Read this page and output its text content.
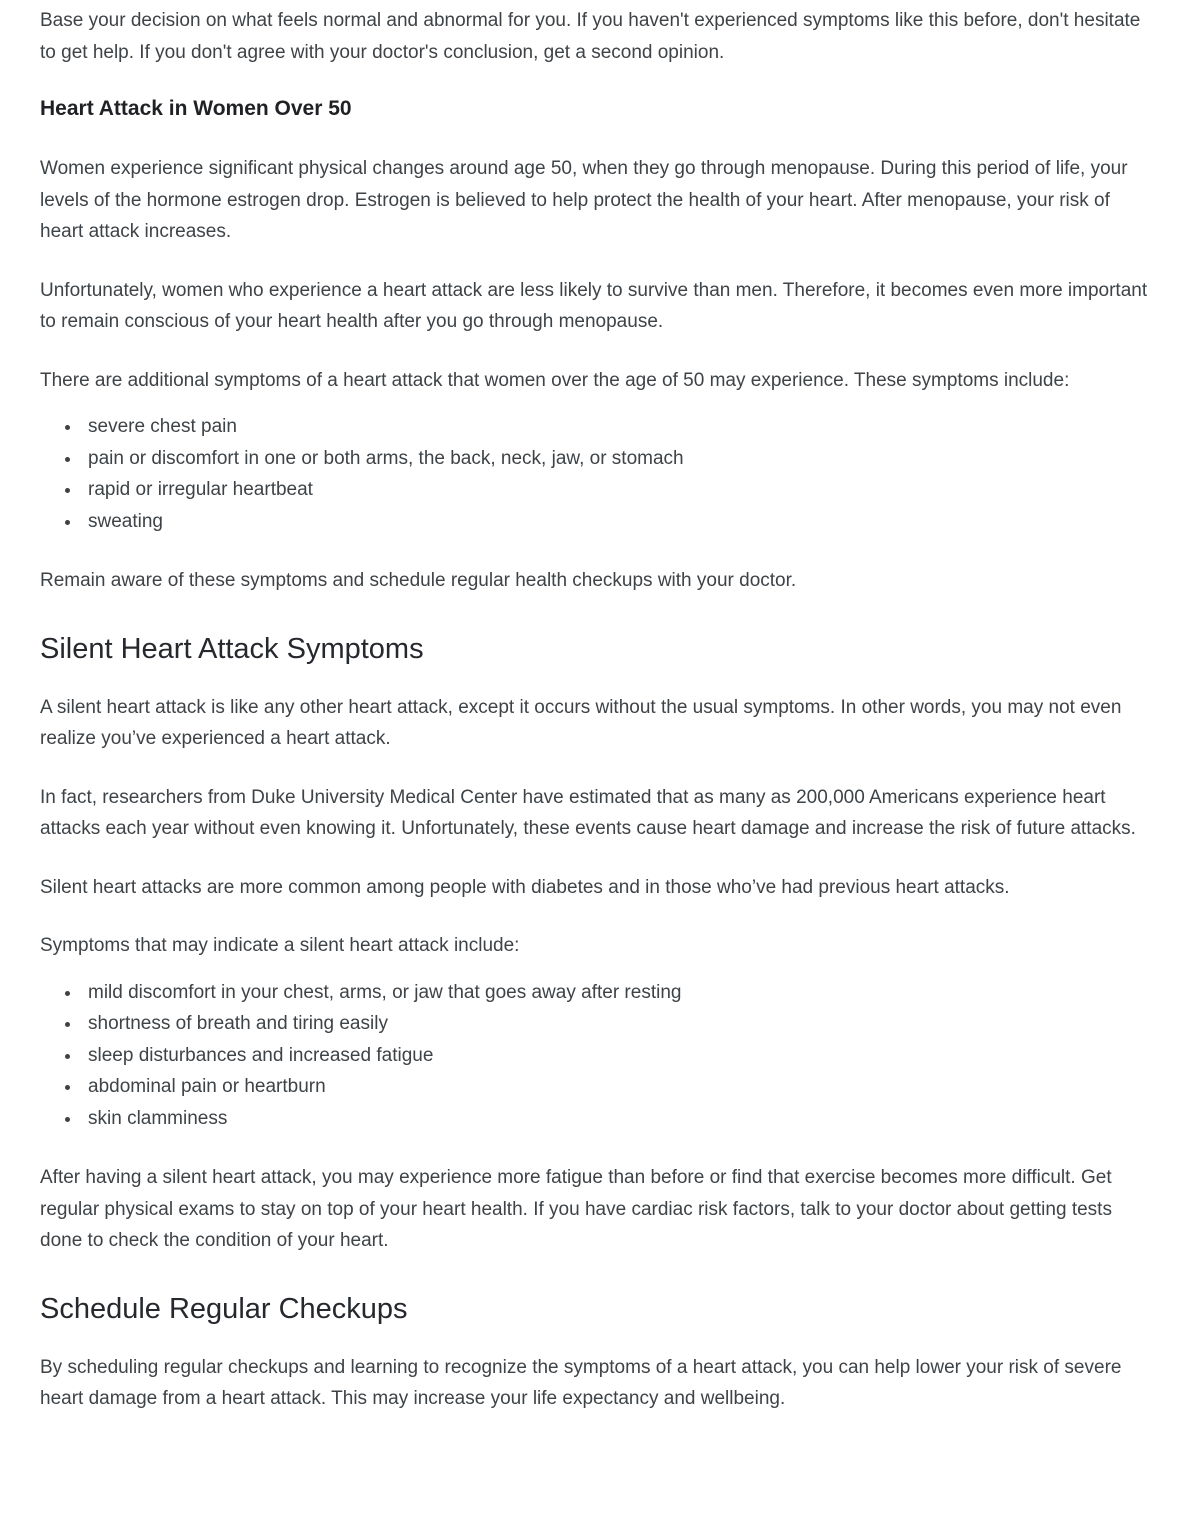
Base your decision on what feels normal and abnormal for you. If you haven't experienced symptoms like this before, don't hesitate to get help. If you don't agree with your doctor's conclusion, get a second opinion.

Heart Attack in Women Over 50

Women experience significant physical changes around age 50, when they go through menopause. During this period of life, your levels of the hormone estrogen drop. Estrogen is believed to help protect the health of your heart. After menopause, your risk of heart attack increases.

Unfortunately, women who experience a heart attack are less likely to survive than men. Therefore, it becomes even more important to remain conscious of your heart health after you go through menopause.

There are additional symptoms of a heart attack that women over the age of 50 may experience. These symptoms include:

• severe chest pain
• pain or discomfort in one or both arms, the back, neck, jaw, or stomach
• rapid or irregular heartbeat
• sweating

Remain aware of these symptoms and schedule regular health checkups with your doctor.

Silent Heart Attack Symptoms

A silent heart attack is like any other heart attack, except it occurs without the usual symptoms. In other words, you may not even realize you’ve experienced a heart attack.

In fact, researchers from Duke University Medical Center have estimated that as many as 200,000 Americans experience heart attacks each year without even knowing it. Unfortunately, these events cause heart damage and increase the risk of future attacks.

Silent heart attacks are more common among people with diabetes and in those who’ve had previous heart attacks.

Symptoms that may indicate a silent heart attack include:

• mild discomfort in your chest, arms, or jaw that goes away after resting
• shortness of breath and tiring easily
• sleep disturbances and increased fatigue
• abdominal pain or heartburn
• skin clamminess

After having a silent heart attack, you may experience more fatigue than before or find that exercise becomes more difficult. Get regular physical exams to stay on top of your heart health. If you have cardiac risk factors, talk to your doctor about getting tests done to check the condition of your heart.

Schedule Regular Checkups

By scheduling regular checkups and learning to recognize the symptoms of a heart attack, you can help lower your risk of severe heart damage from a heart attack. This may increase your life expectancy and wellbeing.
